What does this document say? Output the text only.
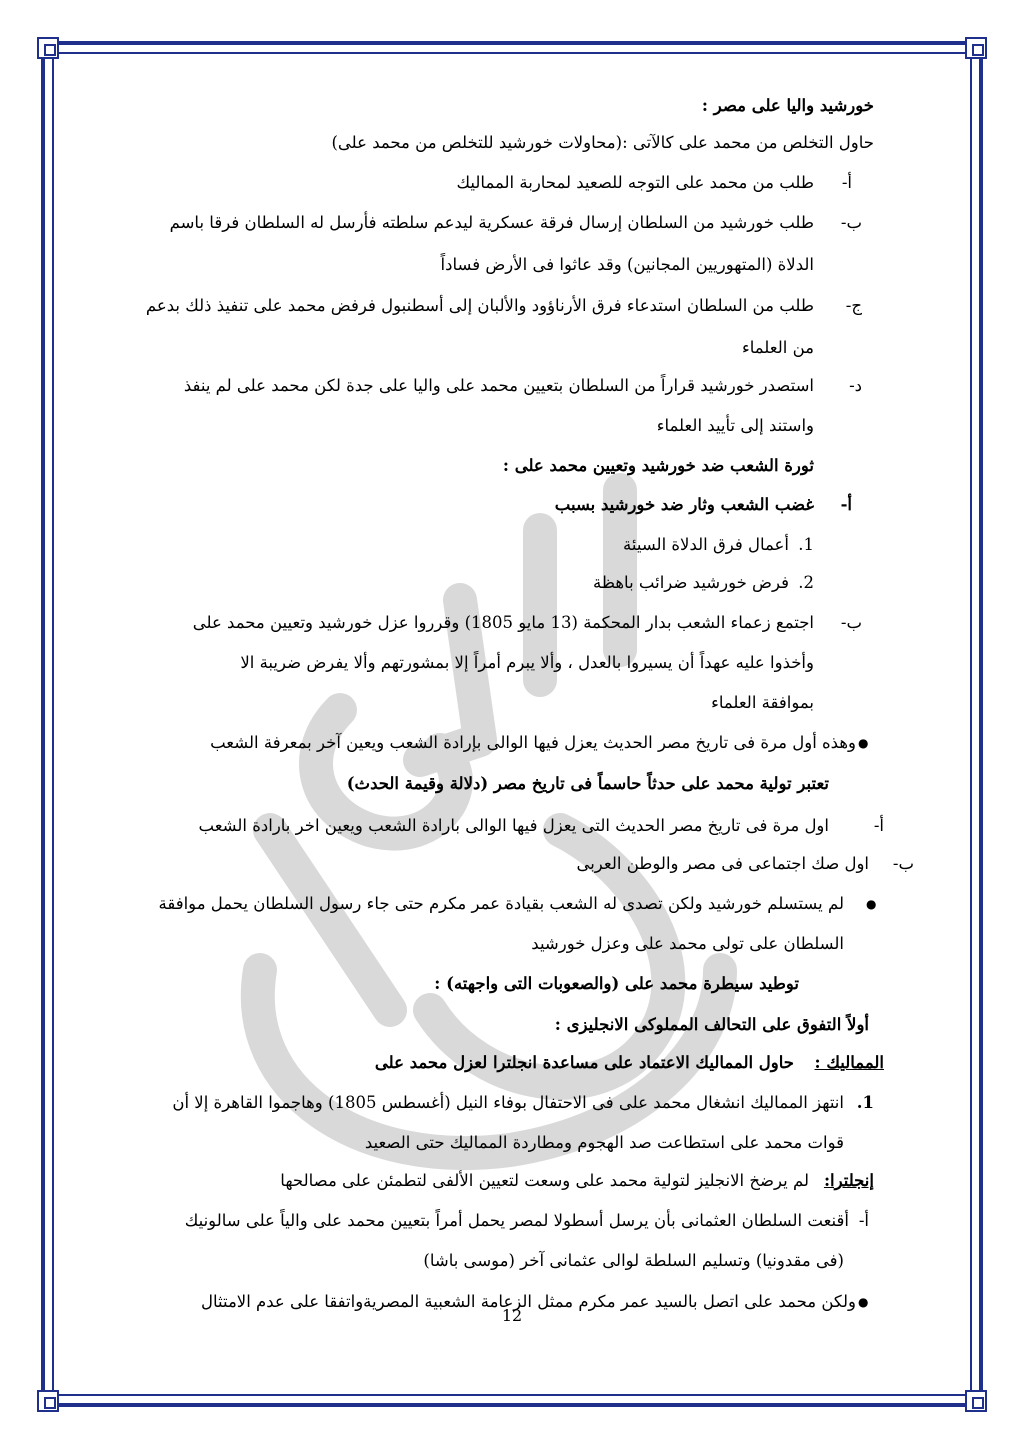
خورشيد واليا على مصر :
حاول التخلص من محمد على كالآتى :(محاولات خورشيد للتخلص من محمد على)
أ-
طلب من محمد على التوجه للصعيد لمحاربة المماليك
ب-
طلب خورشيد من السلطان إرسال فرقة عسكرية ليدعم سلطته فأرسل له السلطان فرقا باسم
الدلاة (المتهوريين المجانين) وقد عاثوا فى الأرض فساداً
ج-
طلب من السلطان استدعاء فرق الأرناؤود والألبان إلى أسطنبول فرفض محمد على تنفيذ ذلك بدعم
من العلماء
د-
استصدر خورشيد قراراً من السلطان بتعيين محمد على واليا على جدة لكن محمد على لم ينفذ
واستند إلى تأييد العلماء
ثورة الشعب ضد خورشيد وتعيين محمد على :
أ-
غضب الشعب وثار ضد خورشيد بسبب
1.
أعمال فرق الدلاة السيئة
2.
فرض خورشيد ضرائب باهظة
ب-
اجتمع زعماء الشعب بدار المحكمة (13 مايو 1805) وقرروا عزل خورشيد وتعيين محمد على
وأخذوا عليه عهداً أن يسيروا بالعدل ، وألا يبرم أمراً إلا بمشورتهم وألا يفرض ضريبة الا
بموافقة العلماء
●
وهذه أول مرة فى تاريخ مصر الحديث يعزل فيها الوالى بإرادة الشعب ويعين آخر بمعرفة الشعب
تعتبر تولية محمد على حدثاً حاسماً فى تاريخ مصر (دلالة وقيمة الحدث)
أ-
اول مرة فى تاريخ مصر الحديث التى يعزل فيها الوالى بارادة الشعب ويعين اخر بارادة الشعب
ب-
اول صك اجتماعى فى مصر والوطن العربى
●
لم يستسلم خورشيد ولكن تصدى له الشعب بقيادة عمر مكرم حتى جاء رسول السلطان يحمل موافقة
السلطان على تولى محمد على وعزل خورشيد
توطيد سيطرة محمد على (والصعوبات التى واجهته) :
أولاً التفوق على التحالف المملوكى الانجليزى :
المماليك :
حاول المماليك الاعتماد على مساعدة انجلترا لعزل محمد على
1.
انتهز المماليك انشغال محمد على فى الاحتفال بوفاء النيل (أغسطس 1805) وهاجموا القاهرة إلا أن
قوات محمد على استطاعت صد الهجوم ومطاردة المماليك حتى الصعيد
إنجلترا:
لم يرضخ الانجليز لتولية محمد على وسعت لتعيين الألفى لتطمئن على مصالحها
أ-
أقنعت السلطان العثمانى بأن يرسل أسطولا لمصر يحمل أمراً بتعيين محمد على والياً على سالونيك
(فى مقدونيا) وتسليم السلطة لوالى عثمانى آخر (موسى باشا)
●
ولكن محمد على اتصل بالسيد عمر مكرم ممثل الزعامة الشعبية المصريةواتفقا على عدم الامتثال
12
